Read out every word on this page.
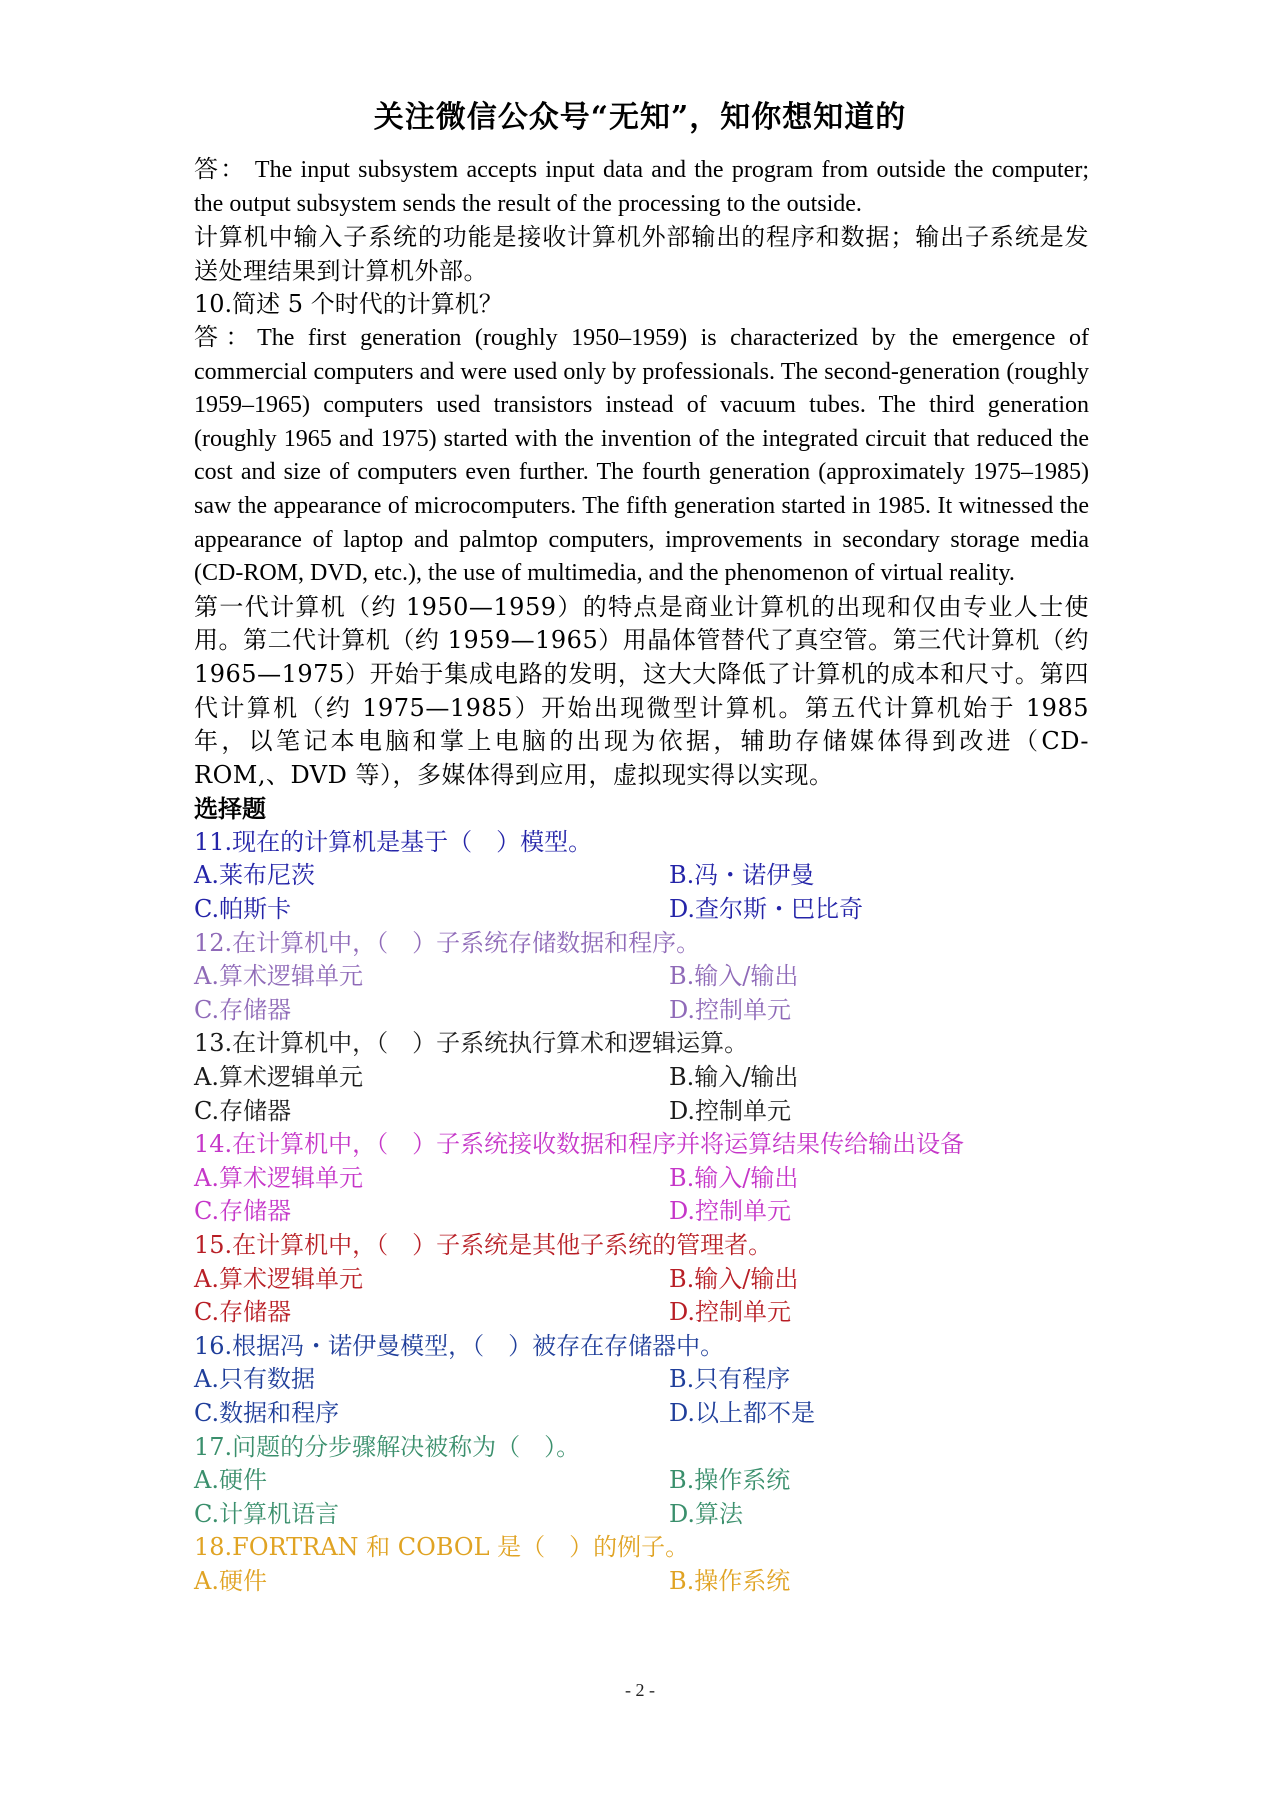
关注微信公众号“无知”，知你想知道的

答： The input subsystem accepts input data and the program from outside the computer; the output subsystem sends the result of the processing to the outside.

计算机中输入子系统的功能是接收计算机外部输出的程序和数据；输出子系统是发送处理结果到计算机外部。

10.简述 5 个时代的计算机？

答：The first generation (roughly 1950–1959) is characterized by the emergence of commercial computers and were used only by professionals. The second-generation (roughly 1959–1965) computers used transistors instead of vacuum tubes. The third generation (roughly 1965 and 1975) started with the invention of the integrated circuit that reduced the cost and size of computers even further. The fourth generation (approximately 1975–1985) saw the appearance of microcomputers. The fifth generation started in 1985. It witnessed the appearance of laptop and palmtop computers, improvements in secondary storage media (CD-ROM, DVD, etc.), the use of multimedia, and the phenomenon of virtual reality.

第一代计算机（约 1950—1959）的特点是商业计算机的出现和仅由专业人士使用。第二代计算机（约 1959—1965）用晶体管替代了真空管。第三代计算机（约 1965—1975）开始于集成电路的发明，这大大降低了计算机的成本和尺寸。第四代计算机（约 1975—1985）开始出现微型计算机。第五代计算机始于 1985 年，以笔记本电脑和掌上电脑的出现为依据，辅助存储媒体得到改进（CD-ROM,、DVD 等），多媒体得到应用，虚拟现实得以实现。

选择题

11.现在的计算机是基于（　）模型。

A.莱布尼茨	B.冯・诺伊曼
C.帕斯卡	D.查尔斯・巴比奇

12.在计算机中，（　）子系统存储数据和程序。

A.算术逻辑单元	B.输入/输出
C.存储器	D.控制单元

13.在计算机中，（　）子系统执行算术和逻辑运算。

A.算术逻辑单元	B.输入/输出
C.存储器	D.控制单元

14.在计算机中，（　）子系统接收数据和程序并将运算结果传给输出设备

A.算术逻辑单元	B.输入/输出
C.存储器	D.控制单元

15.在计算机中，（　）子系统是其他子系统的管理者。

A.算术逻辑单元	B.输入/输出
C.存储器	D.控制单元

16.根据冯・诺伊曼模型，（　）被存在存储器中。

A.只有数据	B.只有程序
C.数据和程序	D.以上都不是

17.问题的分步骤解决被称为（　）。

A.硬件	B.操作系统
C.计算机语言	D.算法

18.FORTRAN 和 COBOL 是（　）的例子。

A.硬件	B.操作系统
- 2 -
